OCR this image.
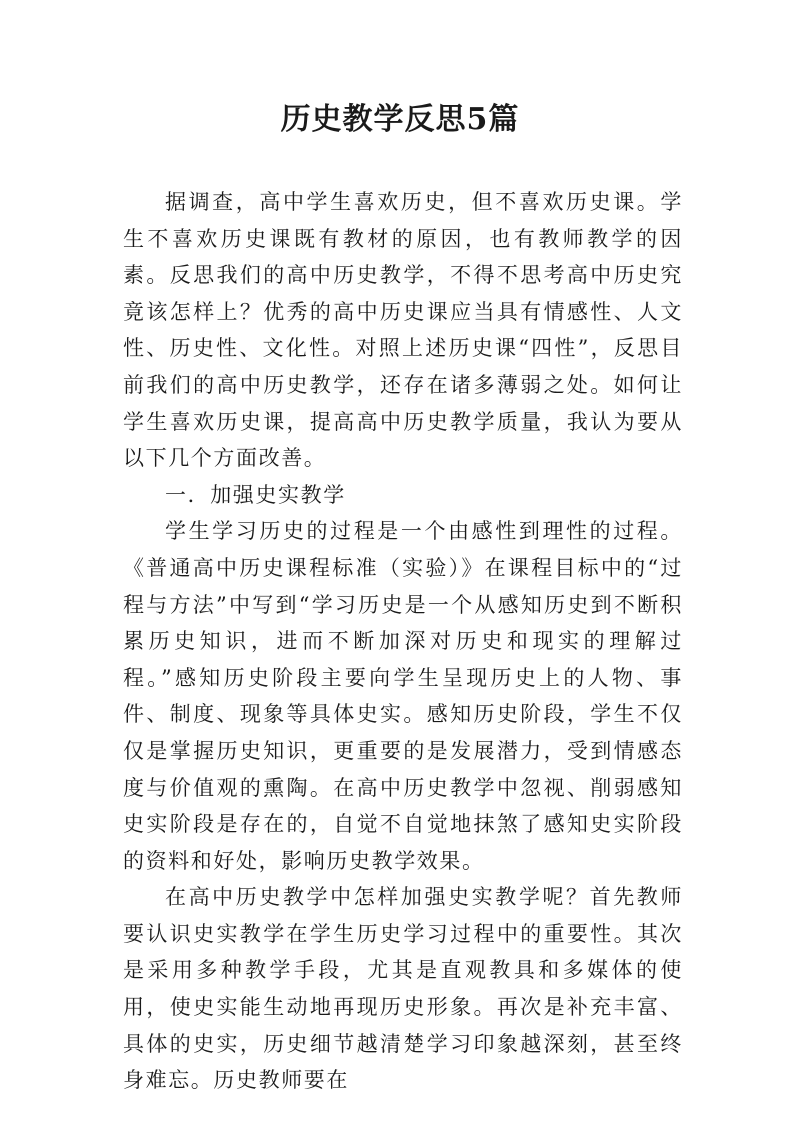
历史教学反思5篇

据调查，高中学生喜欢历史，但不喜欢历史课。学生不喜欢历史课既有教材的原因，也有教师教学的因素。反思我们的高中历史教学，不得不思考高中历史究竟该怎样上？优秀的高中历史课应当具有情感性、人文性、历史性、文化性。对照上述历史课“四性”，反思目前我们的高中历史教学，还存在诸多薄弱之处。如何让学生喜欢历史课，提高高中历史教学质量，我认为要从以下几个方面改善。

一．加强史实教学

学生学习历史的过程是一个由感性到理性的过程。《普通高中历史课程标准（实验）》在课程目标中的“过程与方法”中写到“学习历史是一个从感知历史到不断积累历史知识，进而不断加深对历史和现实的理解过程。”感知历史阶段主要向学生呈现历史上的人物、事件、制度、现象等具体史实。感知历史阶段，学生不仅仅是掌握历史知识，更重要的是发展潜力，受到情感态度与价值观的熏陶。在高中历史教学中忽视、削弱感知史实阶段是存在的，自觉不自觉地抹煞了感知史实阶段的资料和好处，影响历史教学效果。

在高中历史教学中怎样加强史实教学呢？首先教师要认识史实教学在学生历史学习过程中的重要性。其次是采用多种教学手段，尤其是直观教具和多媒体的使用，使史实能生动地再现历史形象。再次是补充丰富、具体的史实，历史细节越清楚学习印象越深刻，甚至终身难忘。历史教师要在
